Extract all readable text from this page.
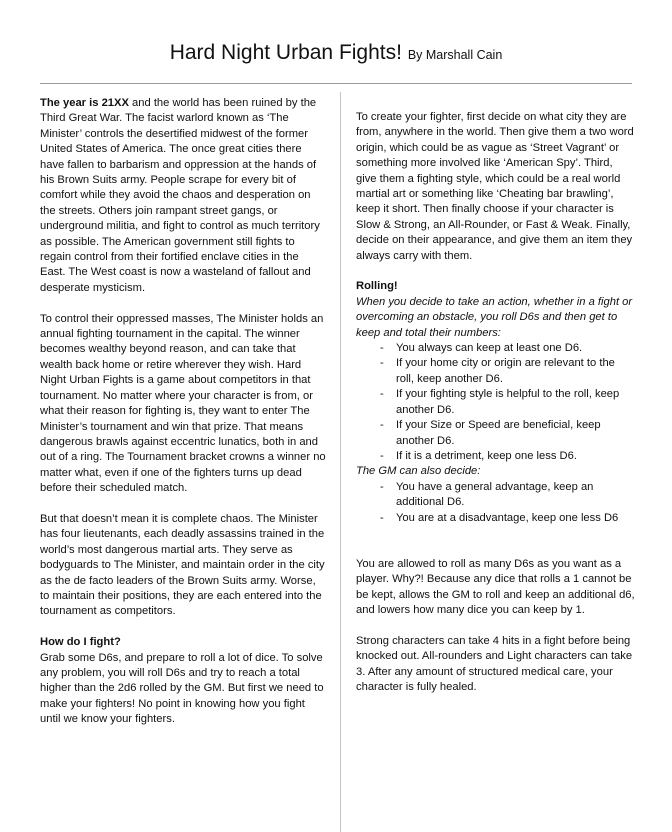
Hard Night Urban Fights! By Marshall Cain

The year is 21XX and the world has been ruined by the Third Great War. The facist warlord known as ‘The Minister’ controls the desertified midwest of the former United States of America. The once great cities there have fallen to barbarism and oppression at the hands of his Brown Suits army. People scrape for every bit of comfort while they avoid the chaos and desperation on the streets. Others join rampant street gangs, or underground militia, and fight to control as much territory as possible. The American government still fights to regain control from their fortified enclave cities in the East. The West coast is now a wasteland of fallout and desperate mysticism.

To control their oppressed masses, The Minister holds an annual fighting tournament in the capital. The winner becomes wealthy beyond reason, and can take that wealth back home or retire wherever they wish. Hard Night Urban Fights is a game about competitors in that tournament. No matter where your character is from, or what their reason for fighting is, they want to enter The Minister’s tournament and win that prize. That means dangerous brawls against eccentric lunatics, both in and out of a ring. The Tournament bracket crowns a winner no matter what, even if one of the fighters turns up dead before their scheduled match.

But that doesn’t mean it is complete chaos. The Minister has four lieutenants, each deadly assassins trained in the world’s most dangerous martial arts. They serve as bodyguards to The Minister, and maintain order in the city as the de facto leaders of the Brown Suits army. Worse, to maintain their positions, they are each entered into the tournament as competitors.

How do I fight?
Grab some D6s, and prepare to roll a lot of dice. To solve any problem, you will roll D6s and try to reach a total higher than the 2d6 rolled by the GM. But first we need to make your fighters! No point in knowing how you fight until we know your fighters.

To create your fighter, first decide on what city they are from, anywhere in the world. Then give them a two word origin, which could be as vague as ‘Street Vagrant’ or something more involved like ‘American Spy’. Third, give them a fighting style, which could be a real world martial art or something like ‘Cheating bar brawling’, keep it short. Then finally choose if your character is Slow & Strong, an All-Rounder, or Fast & Weak. Finally, decide on their appearance, and give them an item they always carry with them.

Rolling!
When you decide to take an action, whether in a fight or overcoming an obstacle, you roll D6s and then get to keep and total their numbers:
- You always can keep at least one D6.
- If your home city or origin are relevant to the roll, keep another D6.
- If your fighting style is helpful to the roll, keep another D6.
- If your Size or Speed are beneficial, keep another D6.
- If it is a detriment, keep one less D6.
The GM can also decide:
- You have a general advantage, keep an additional D6.
- You are at a disadvantage, keep one less D6

You are allowed to roll as many D6s as you want as a player. Why?! Because any dice that rolls a 1 cannot be be kept, allows the GM to roll and keep an additional d6, and lowers how many dice you can keep by 1.

Strong characters can take 4 hits in a fight before being knocked out. All-rounders and Light characters can take 3. After any amount of structured medical care, your character is fully healed.
